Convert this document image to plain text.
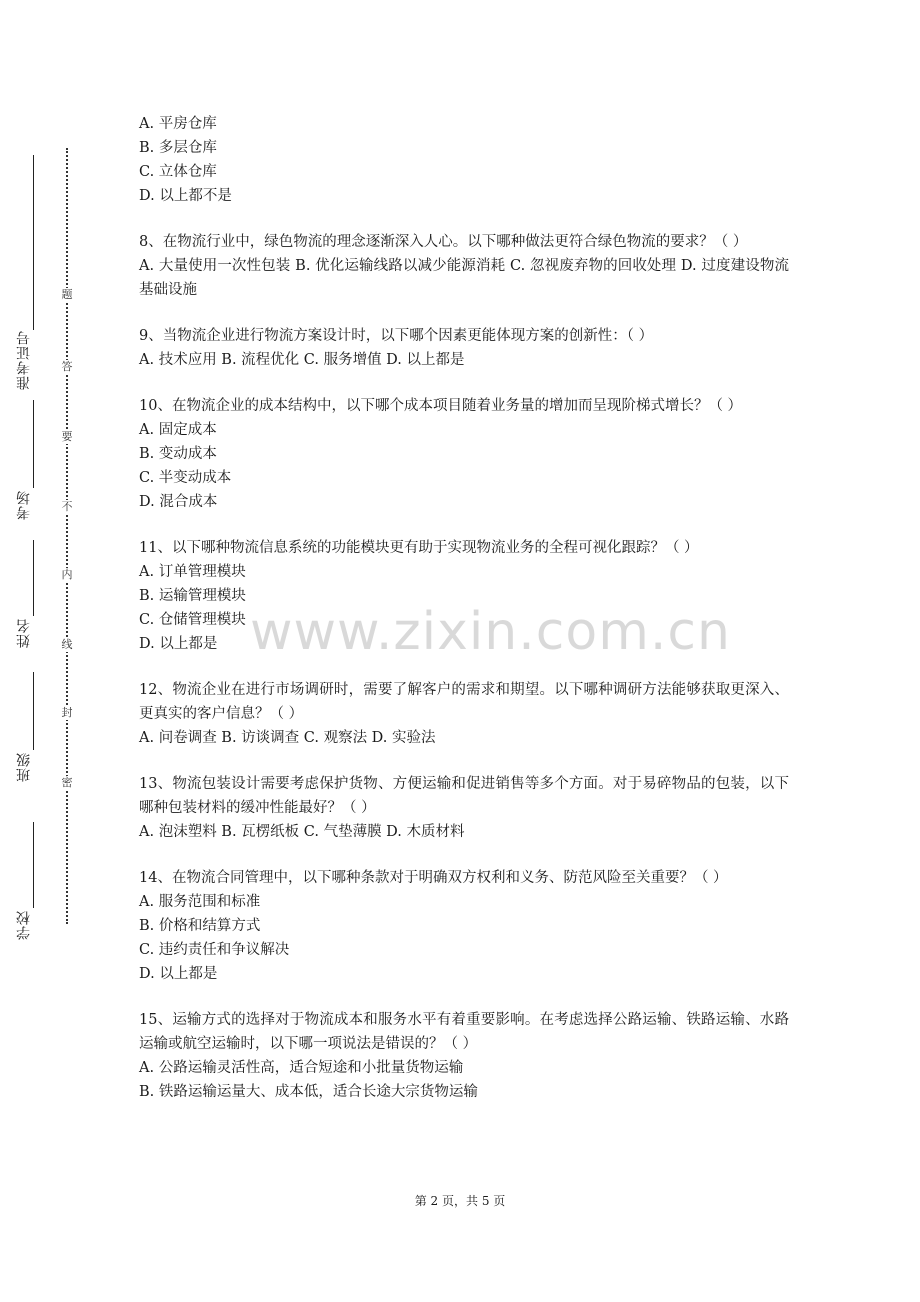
准考证号
考场
姓名
班级
学校
题
答
要
不
内
线
封
密
A. 平房仓库
B. 多层仓库
C. 立体仓库
D. 以上都不是
8、在物流行业中，绿色物流的理念逐渐深入人心。以下哪种做法更符合绿色物流的要求？（ ）
A. 大量使用一次性包装 B. 优化运输线路以减少能源消耗 C. 忽视废弃物的回收处理 D. 过度建设物流基础设施
9、当物流企业进行物流方案设计时，以下哪个因素更能体现方案的创新性：（ ）
A. 技术应用 B. 流程优化 C. 服务增值 D. 以上都是
10、在物流企业的成本结构中，以下哪个成本项目随着业务量的增加而呈现阶梯式增长？（ ）
A. 固定成本
B. 变动成本
C. 半变动成本
D. 混合成本
11、以下哪种物流信息系统的功能模块更有助于实现物流业务的全程可视化跟踪？（ ）
A. 订单管理模块
B. 运输管理模块
C. 仓储管理模块
D. 以上都是
12、物流企业在进行市场调研时，需要了解客户的需求和期望。以下哪种调研方法能够获取更深入、更真实的客户信息？（ ）
A. 问卷调查 B. 访谈调查 C. 观察法 D. 实验法
13、物流包装设计需要考虑保护货物、方便运输和促进销售等多个方面。对于易碎物品的包装，以下哪种包装材料的缓冲性能最好？（ ）
A. 泡沫塑料 B. 瓦楞纸板 C. 气垫薄膜 D. 木质材料
14、在物流合同管理中，以下哪种条款对于明确双方权利和义务、防范风险至关重要？（ ）
A. 服务范围和标准
B. 价格和结算方式
C. 违约责任和争议解决
D. 以上都是
15、运输方式的选择对于物流成本和服务水平有着重要影响。在考虑选择公路运输、铁路运输、水路运输或航空运输时，以下哪一项说法是错误的？（ ）
A. 公路运输灵活性高，适合短途和小批量货物运输
B. 铁路运输运量大、成本低，适合长途大宗货物运输
www.zixin.com.cn
第 2 页，共 5 页
